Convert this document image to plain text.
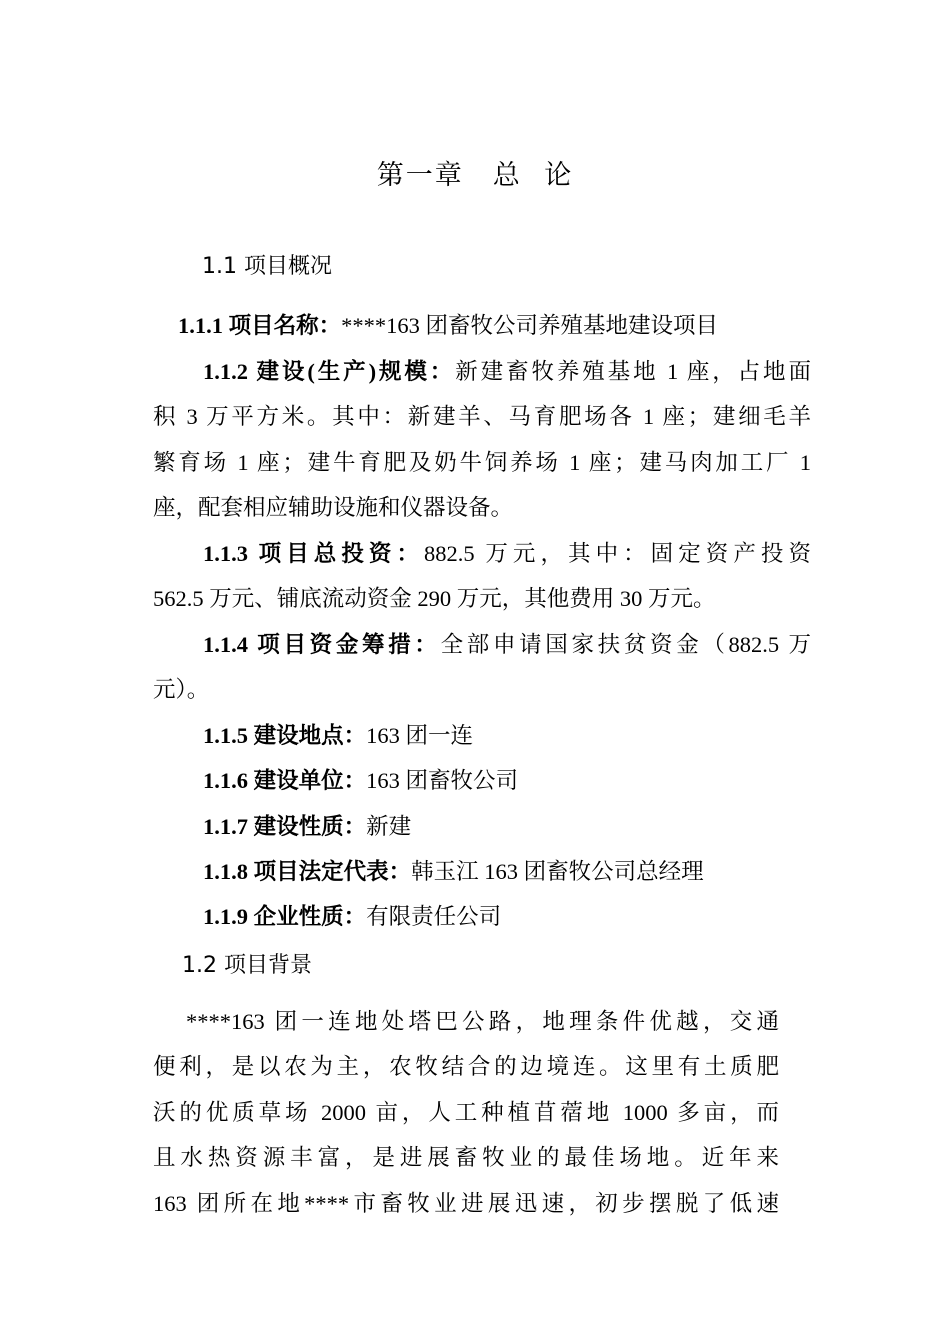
第一章　总 论
1.1 项目概况
1.1.1 项目名称：****163 团畜牧公司养殖基地建设项目
1.1.2 建设(生产)规模：新建畜牧养殖基地 1 座，占地面
积 3 万平方米。其中：新建羊、马育肥场各 1 座；建细毛羊
繁育场 1 座；建牛育肥及奶牛饲养场 1 座；建马肉加工厂 1
座，配套相应辅助设施和仪器设备。
1.1.3 项目总投资：882.5 万元，其中：固定资产投资
562.5 万元、铺底流动资金 290 万元，其他费用 30 万元。
1.1.4 项目资金筹措：全部申请国家扶贫资金（882.5 万
元）。
1.1.5 建设地点：163 团一连
1.1.6 建设单位：163 团畜牧公司
1.1.7 建设性质：新建
1.1.8 项目法定代表：韩玉江 163 团畜牧公司总经理
1.1.9 企业性质：有限责任公司
1.2 项目背景
****163 团一连地处塔巴公路，地理条件优越，交通
便利，是以农为主，农牧结合的边境连。这里有土质肥
沃的优质草场 2000 亩，人工种植苜蓿地 1000 多亩，而
且水热资源丰富，是进展畜牧业的最佳场地。近年来
163 团所在地****市畜牧业进展迅速，初步摆脱了低速
